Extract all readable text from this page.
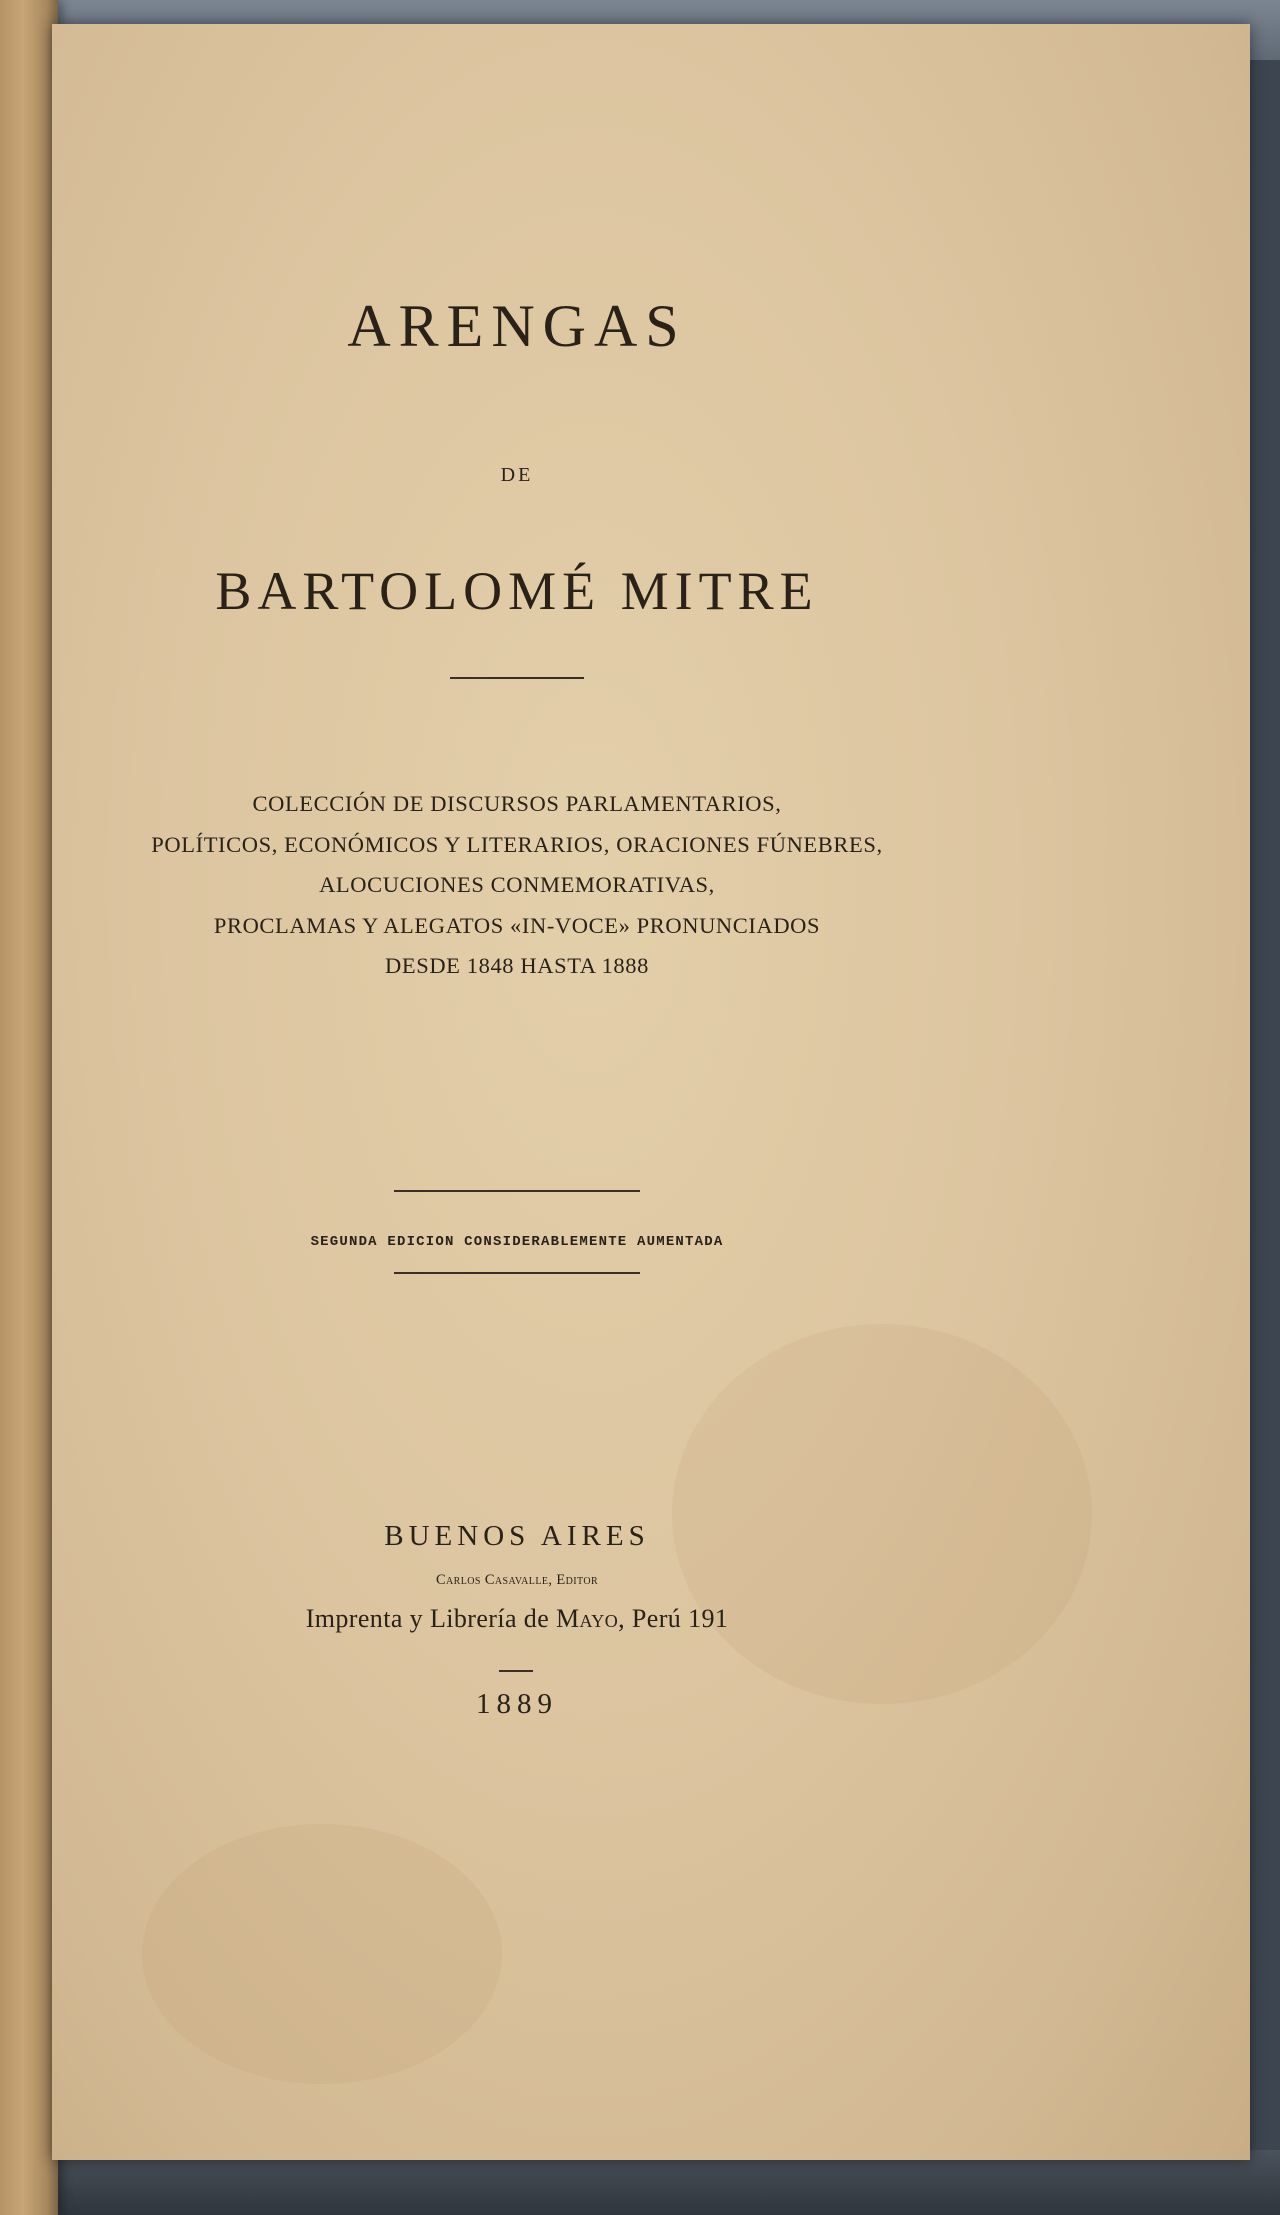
ARENGAS
DE
BARTOLOMÉ MITRE
COLECCIÓN DE DISCURSOS PARLAMENTARIOS,
POLÍTICOS, ECONÓMICOS Y LITERARIOS, ORACIONES FÚNEBRES,
ALOCUCIONES CONMEMORATIVAS,
PROCLAMAS Y ALEGATOS «IN-VOCE» PRONUNCIADOS
DESDE 1848 HASTA 1888
SEGUNDA EDICION CONSIDERABLEMENTE AUMENTADA
BUENOS AIRES
Carlos Casavalle, Editor
Imprenta y Librería de Mayo, Perú 191
1889
